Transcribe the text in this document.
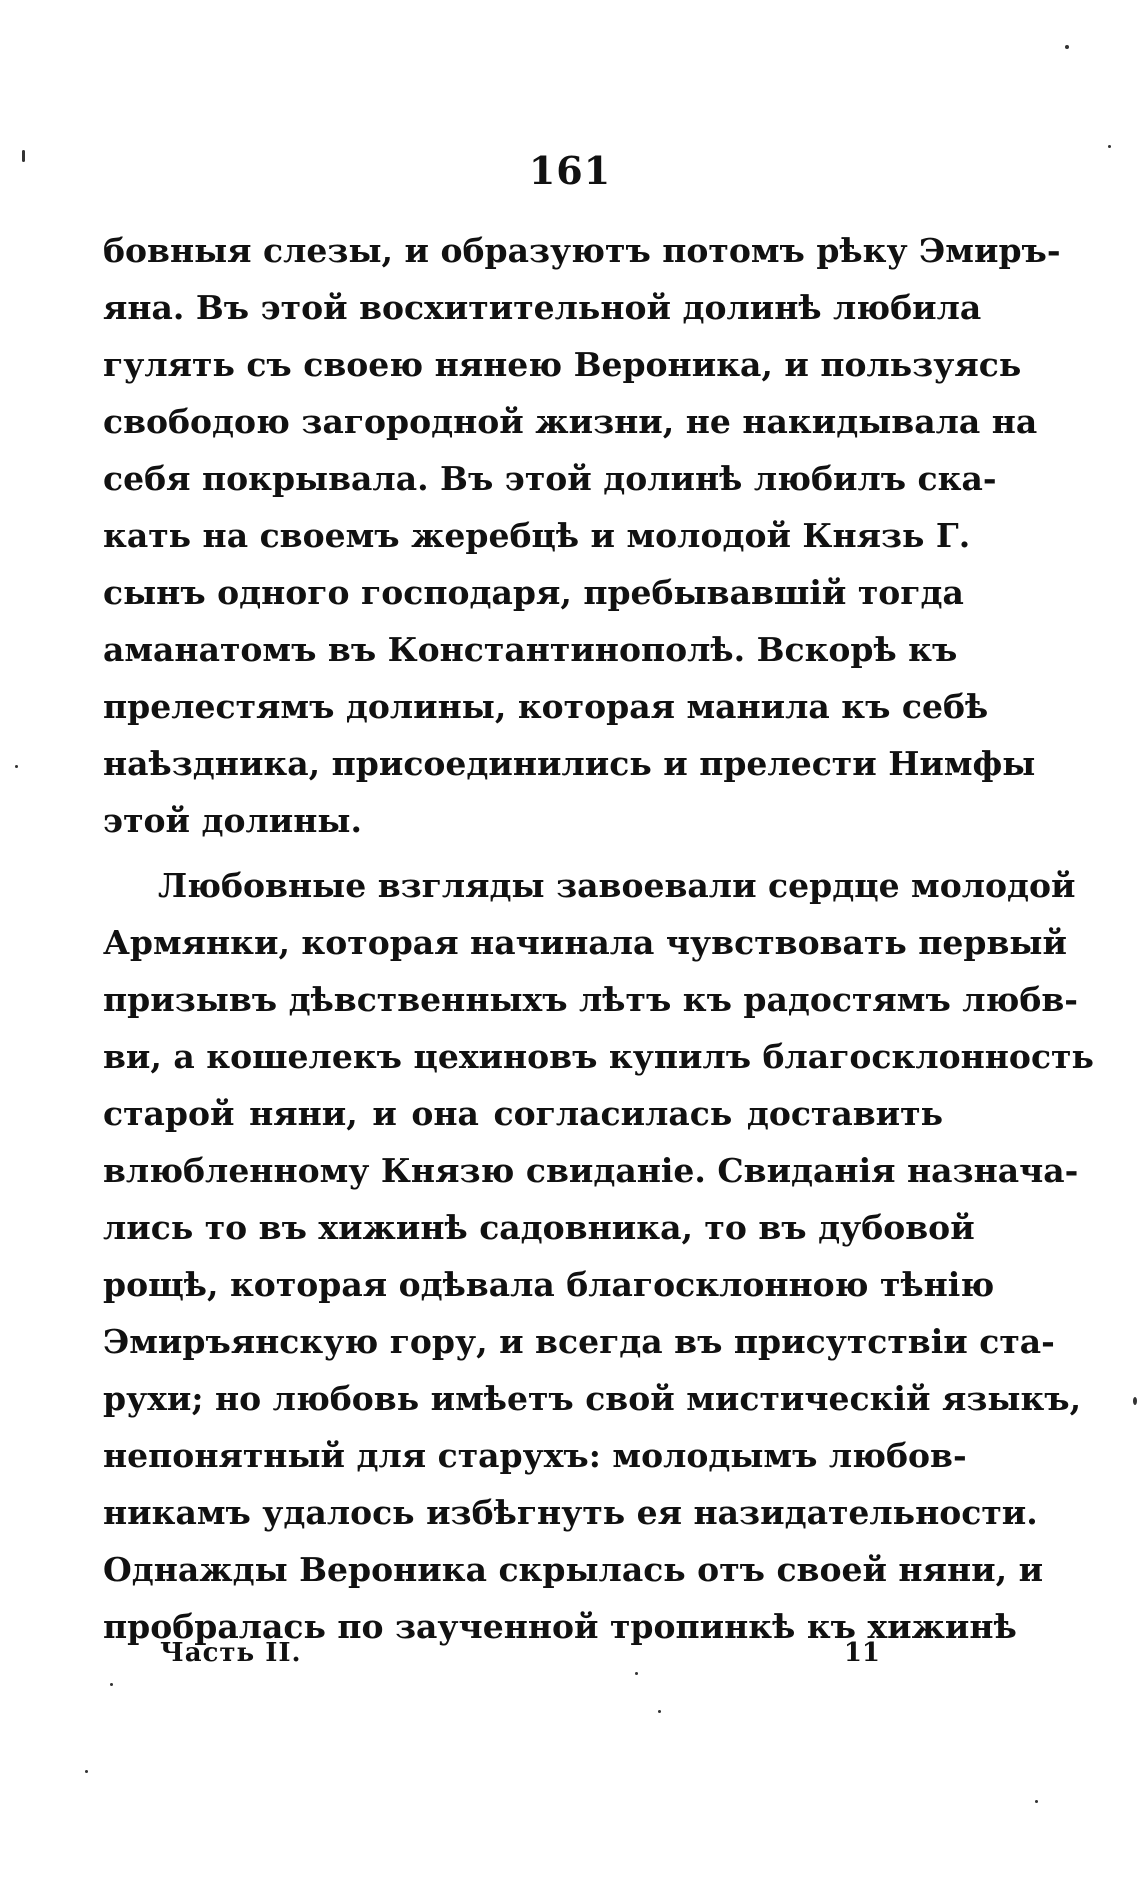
161
бовныя слезы, и образуютъ потомъ рѣку Эмиръ-
яна. Въ этой восхитительной долинѣ любила
гулять съ своею нянею Вероника, и пользуясь
свободою загородной жизни, не накидывала на
себя покрывала. Въ этой долинѣ любилъ ска-
кать на своемъ жеребцѣ и молодой Князь Г.
сынъ одного господаря, пребывавшій тогда
аманатомъ въ Константинополѣ. Вскорѣ къ
прелестямъ долины, которая манила къ себѣ
наѣздника, присоединились и прелести Нимфы
этой долины.
Любовные взгляды завоевали сердце молодой
Армянки, которая начинала чувствовать первый
призывъ дѣвственныхъ лѣтъ къ радостямъ любв-
ви, а кошелекъ цехиновъ купилъ благосклонность
старой няни, и она согласилась доставить
влюбленному Князю свиданіе. Свиданія назнача-
лись то въ хижинѣ садовника, то въ дубовой
рощѣ, которая одѣвала благосклонною тѣнію
Эмиръянскую гору, и всегда въ присутствіи ста-
рухи; но любовь имѣетъ свой мистическій языкъ,
непонятный для старухъ: молодымъ любов-
никамъ удалось избѣгнуть ея назидательности.
Однажды Вероника скрылась отъ своей няни, и
пробралась по заученной тропинкѣ къ хижинѣ
Часть II.	11
